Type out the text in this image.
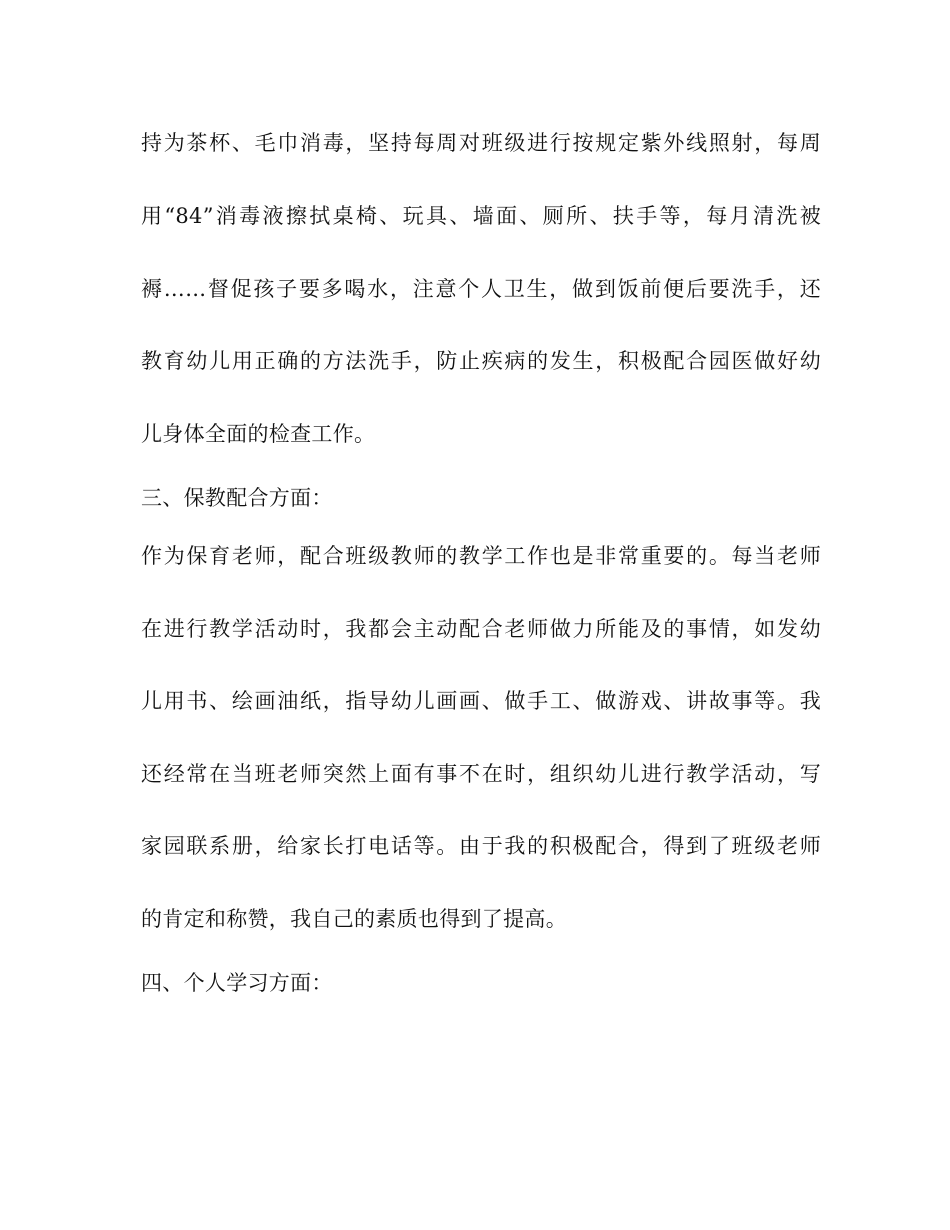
持为茶杯、毛巾消毒，坚持每周对班级进行按规定紫外线照射，每周
用“84”消毒液擦拭桌椅、玩具、墙面、厕所、扶手等，每月清洗被
褥……督促孩子要多喝水，注意个人卫生，做到饭前便后要洗手，还
教育幼儿用正确的方法洗手，防止疾病的发生，积极配合园医做好幼
儿身体全面的检查工作。
三、保教配合方面：
作为保育老师，配合班级教师的教学工作也是非常重要的。每当老师
在进行教学活动时，我都会主动配合老师做力所能及的事情，如发幼
儿用书、绘画油纸，指导幼儿画画、做手工、做游戏、讲故事等。我
还经常在当班老师突然上面有事不在时，组织幼儿进行教学活动，写
家园联系册，给家长打电话等。由于我的积极配合，得到了班级老师
的肯定和称赞，我自己的素质也得到了提高。
四、个人学习方面：
